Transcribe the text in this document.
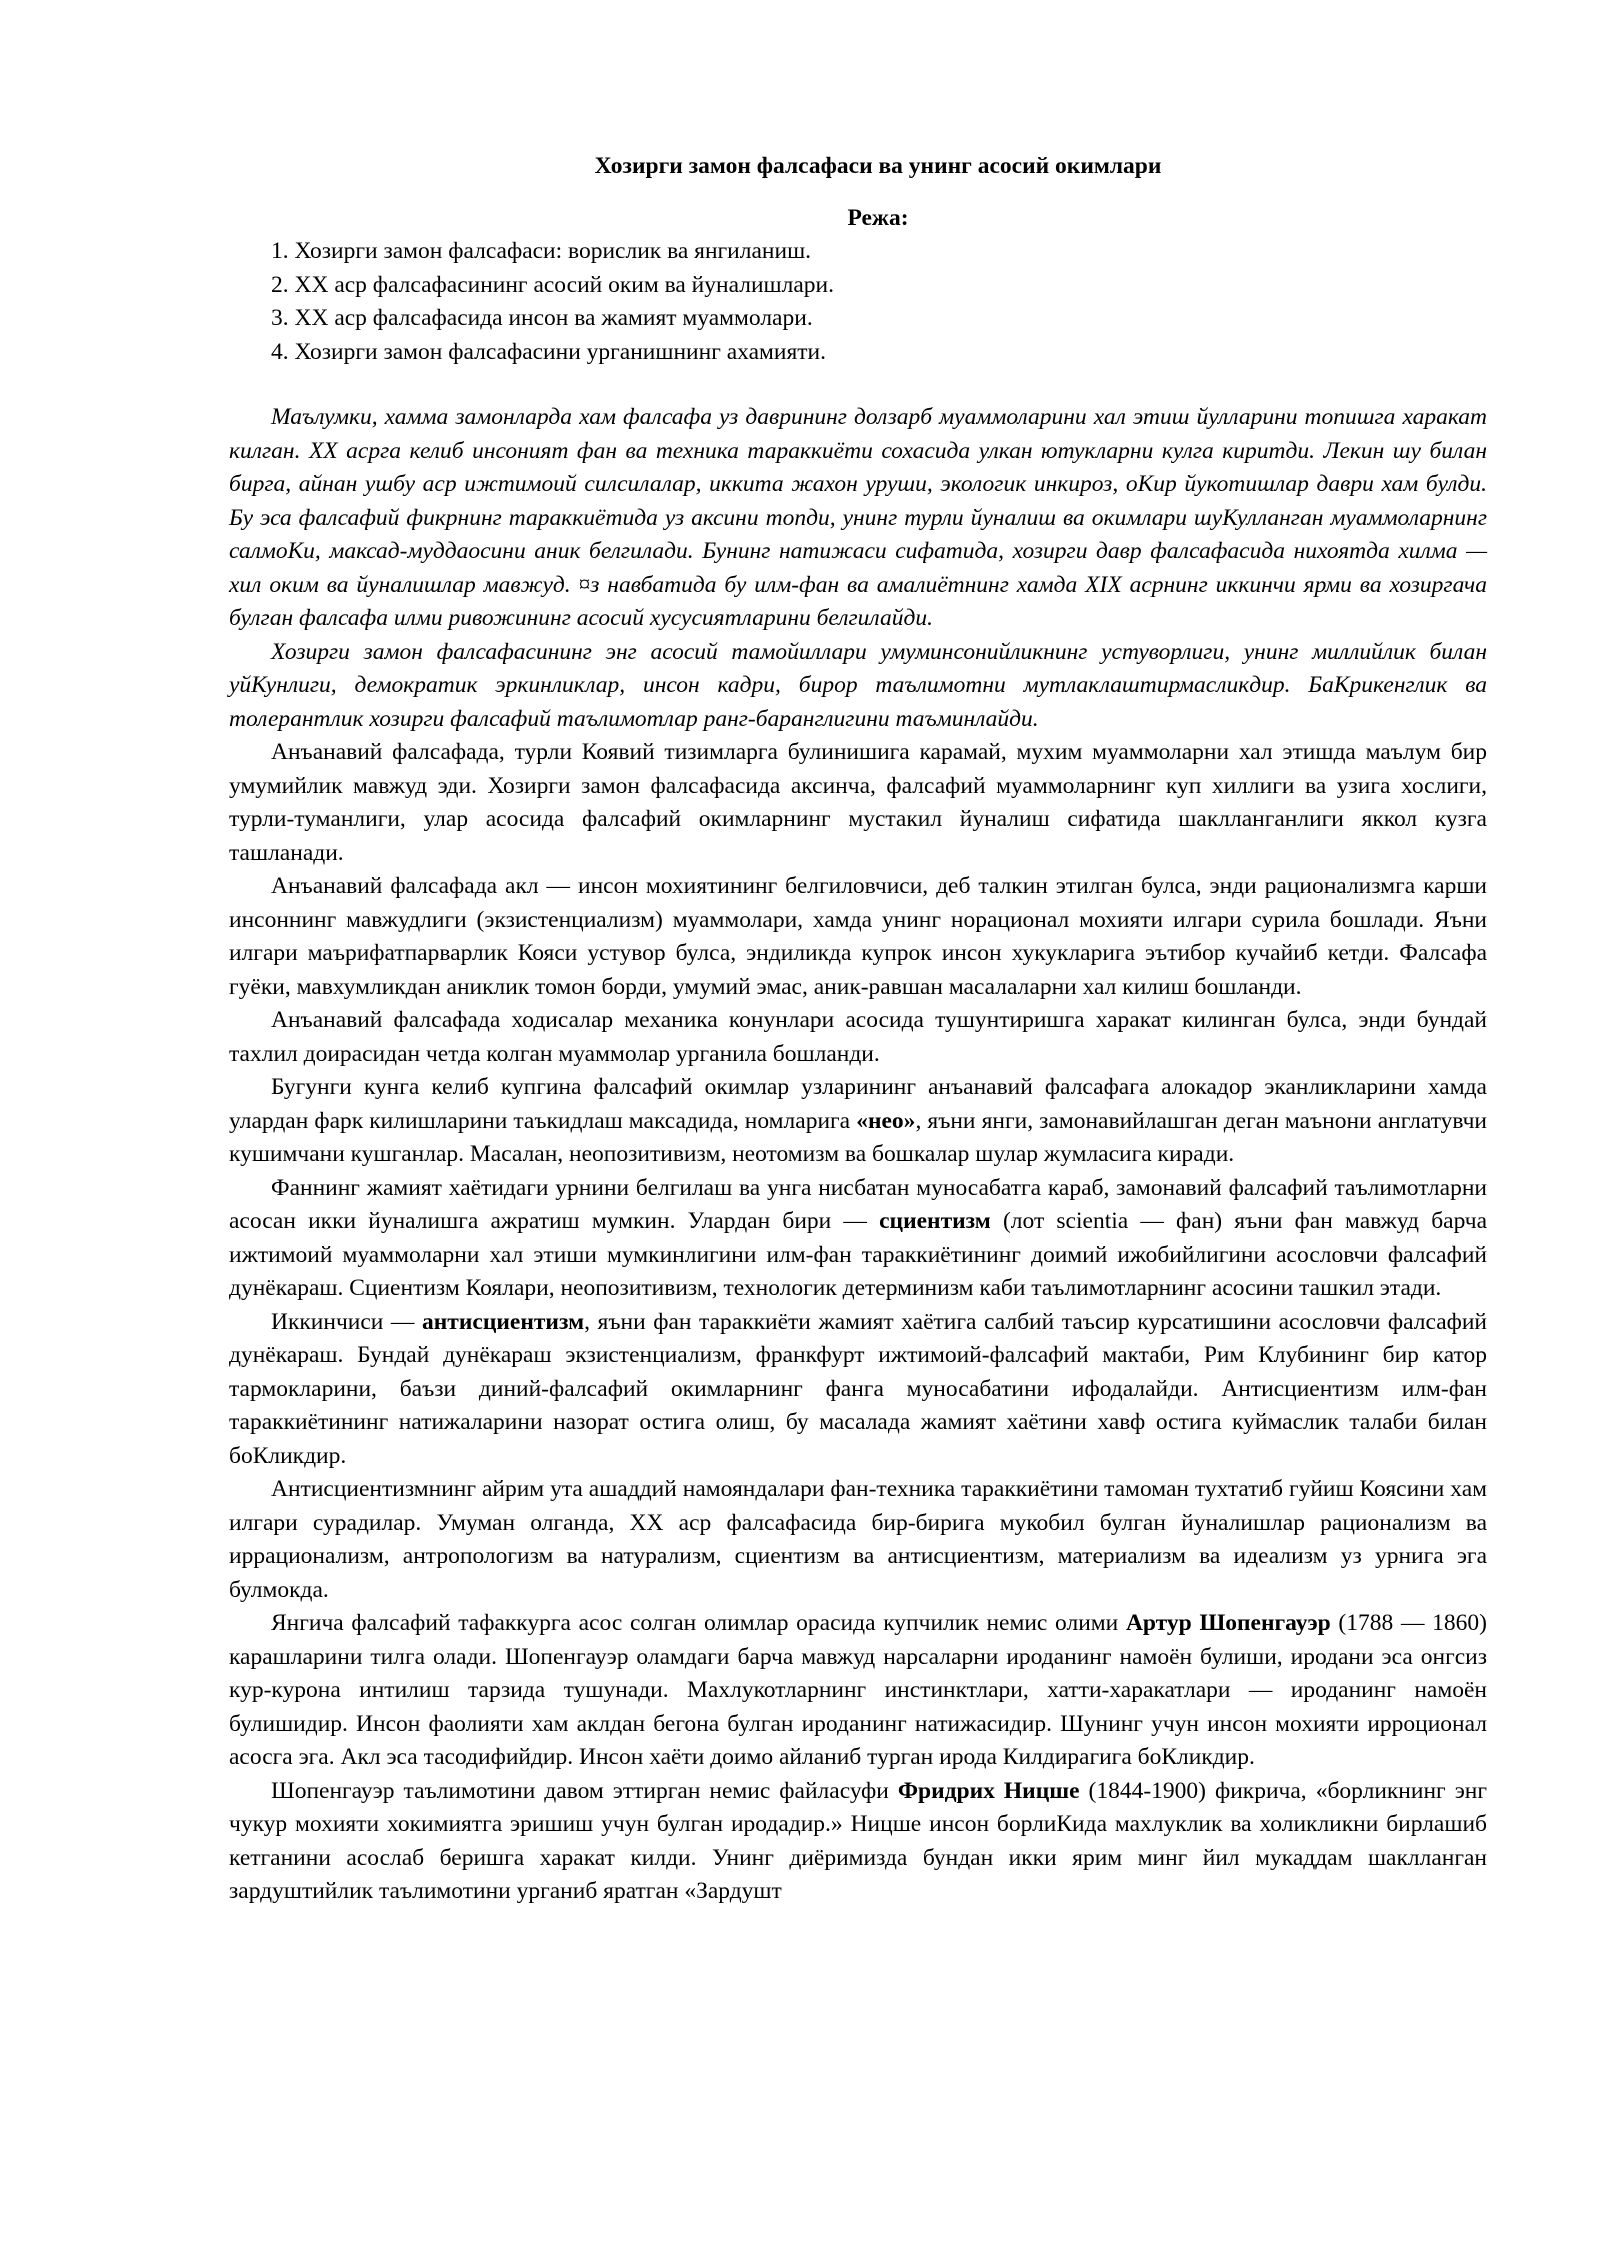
Хозирги замон фалсафаси ва унинг асосий окимлари

Режа:

1. Хозирги замон фалсафаси: ворислик ва янгиланиш.
2. XX аср фалсафасининг асосий оким ва йуналишлари.
3. XX аср фалсафасида инсон ва жамият муаммолари.
4. Хозирги замон фалсафасини урганишнинг ахамияти.

Маълумки, хамма замонларда хам фалсафа уз даврининг долзарб муаммоларини хал этиш йулларини топишга харакат килган. XX асрга келиб инсоният фан ва техника тараккиёти сохасида улкан ютукларни кулга киритди. Лекин шу билан бирга, айнан ушбу аср ижтимоий силсилалар, иккита жахон уруши, экологик инкироз, оКир йукотишлар даври хам булди. Бу эса фалсафий фикрнинг тараккиётида уз аксини топди, унинг турли йуналиш ва окимлари шуКулланган муаммоларнинг салмоКи, максад-муддаосини аник белгилади. Бунинг натижаси сифатида, хозирги давр фалсафасида нихоятда хилма — хил оким ва йуналишлар мавжуд. ¤з навбатида бу илм-фан ва амалиётнинг хамда XIX асрнинг иккинчи ярми ва хозиргача булган фалсафа илми ривожининг асосий хусусиятларини белгилайди.

Хозирги замон фалсафасининг энг асосий тамойиллари умуминсонийликнинг устуворлиги, унинг миллийлик билан уйКунлиги, демократик эркинликлар, инсон кадри, бирор таълимотни мутлаклаштирмасликдир. БаКрикенглик ва толерантлик хозирги фалсафий таълимотлар ранг-баранглигини таъминлайди.

Анъанавий фалсафада, турли Коявий тизимларга булинишига карамай, мухим муаммоларни хал этишда маълум бир умумийлик мавжуд эди. Хозирги замон фалсафасида аксинча, фалсафий муаммоларнинг куп хиллиги ва узига хослиги, турли-туманлиги, улар асосида фалсафий окимларнинг мустакил йуналиш сифатида шаклланганлиги яккол кузга ташланади.

Анъанавий фалсафада акл — инсон мохиятининг белгиловчиси, деб талкин этилган булса, энди рационализмга карши инсоннинг мавжудлиги (экзистенциализм) муаммолари, хамда унинг норационал мохияти илгари сурила бошлади. Яъни илгари маърифатпарварлик Кояси устувор булса, эндиликда купрок инсон хукукларига эътибор кучайиб кетди. Фалсафа гуёки, мавхумликдан аниклик томон борди, умумий эмас, аник-равшан масалаларни хал килиш бошланди.

Анъанавий фалсафада ходисалар механика конунлари асосида тушунтиришга харакат килинган булса, энди бундай тахлил доирасидан четда колган муаммолар урганила бошланди.

Бугунги кунга келиб купгина фалсафий окимлар узларининг анъанавий фалсафага алокадор эканликларини хамда улардан фарк килишларини таъкидлаш максадида, номларига «нео», яъни янги, замонавийлашган деган маънони англатувчи кушимчани кушганлар. Масалан, неопозитивизм, неотомизм ва бошкалар шулар жумласига киради.

Фаннинг жамият хаётидаги урнини белгилаш ва унга нисбатан муносабатга караб, замонавий фалсафий таълимотларни асосан икки йуналишга ажратиш мумкин. Улардан бири — сциентизм (лот scientia — фан) яъни фан мавжуд барча ижтимоий муаммоларни хал этиши мумкинлигини илм-фан тараккиётининг доимий ижобийлигини асословчи фалсафий дунёкараш. Сциентизм Коялари, неопозитивизм, технологик детерминизм каби таълимотларнинг асосини ташкил этади.

Иккинчиси — антисциентизм, яъни фан тараккиёти жамият хаётига салбий таъсир курсатишини асословчи фалсафий дунёкараш. Бундай дунёкараш экзистенциализм, франкфурт ижтимоий-фалсафий мактаби, Рим Клубининг бир катор тармокларини, баъзи диний-фалсафий окимларнинг фанга муносабатини ифодалайди. Антисциентизм илм-фан тараккиётининг натижаларини назорат остига олиш, бу масалада жамият хаётини хавф остига куймаслик талаби билан боКликдир.

Антисциентизмнинг айрим ута ашаддий намояндалари фан-техника тараккиётини тамоман тухтатиб гуйиш Коясини хам илгари сурадилар. Умуман олганда, XX аср фалсафасида бир-бирига мукобил булган йуналишлар рационализм ва иррационализм, антропологизм ва натурализм, сциентизм ва антисциентизм, материализм ва идеализм уз урнига эга булмокда.

Янгича фалсафий тафаккурга асос солган олимлар орасида купчилик немис олими Артур Шопенгауэр (1788 — 1860) карашларини тилга олади. Шопенгауэр оламдаги барча мавжуд нарсаларни ироданинг намоён булиши, иродани эса онгсиз кур-курона интилиш тарзида тушунади. Махлукотларнинг инстинктлари, хатти-харакатлари — ироданинг намоён булишидир. Инсон фаолияти хам аклдан бегона булган ироданинг натижасидир. Шунинг учун инсон мохияти ирроционал асосга эга. Акл эса тасодифийдир. Инсон хаёти доимо айланиб турган ирода Килдирагига боКликдир.

Шопенгауэр таълимотини давом эттирган немис файласуфи Фридрих Ницше (1844-1900) фикрича, «борликнинг энг чукур мохияти хокимиятга эришиш учун булган иродадир.» Ницше инсон борлиКида махлуклик ва холикликни бирлашиб кетганини асослаб беришга харакат килди. Унинг диёримизда бундан икки ярим минг йил мукаддам шаклланган зардуштийлик таълимотини урганиб яратган «Зардушт
